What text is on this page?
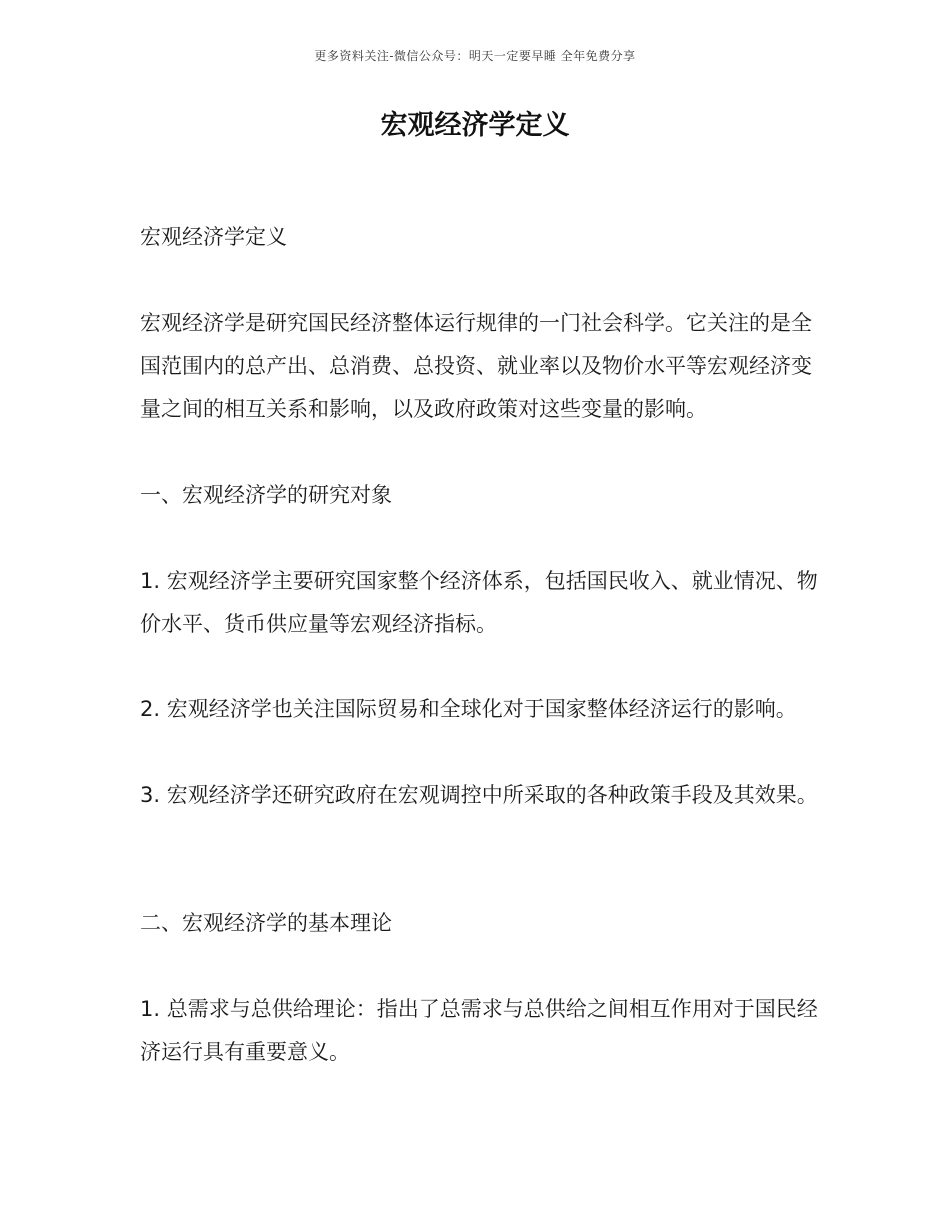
更多资料关注-微信公众号：明天一定要早睡 全年免费分享
宏观经济学定义

宏观经济学定义

宏观经济学是研究国民经济整体运行规律的一门社会科学。它关注的是全国范围内的总产出、总消费、总投资、就业率以及物价水平等宏观经济变量之间的相互关系和影响，以及政府政策对这些变量的影响。

一、宏观经济学的研究对象

1. 宏观经济学主要研究国家整个经济体系，包括国民收入、就业情况、物价水平、货币供应量等宏观经济指标。

2. 宏观经济学也关注国际贸易和全球化对于国家整体经济运行的影响。

3. 宏观经济学还研究政府在宏观调控中所采取的各种政策手段及其效果。

二、宏观经济学的基本理论

1. 总需求与总供给理论：指出了总需求与总供给之间相互作用对于国民经济运行具有重要意义。
